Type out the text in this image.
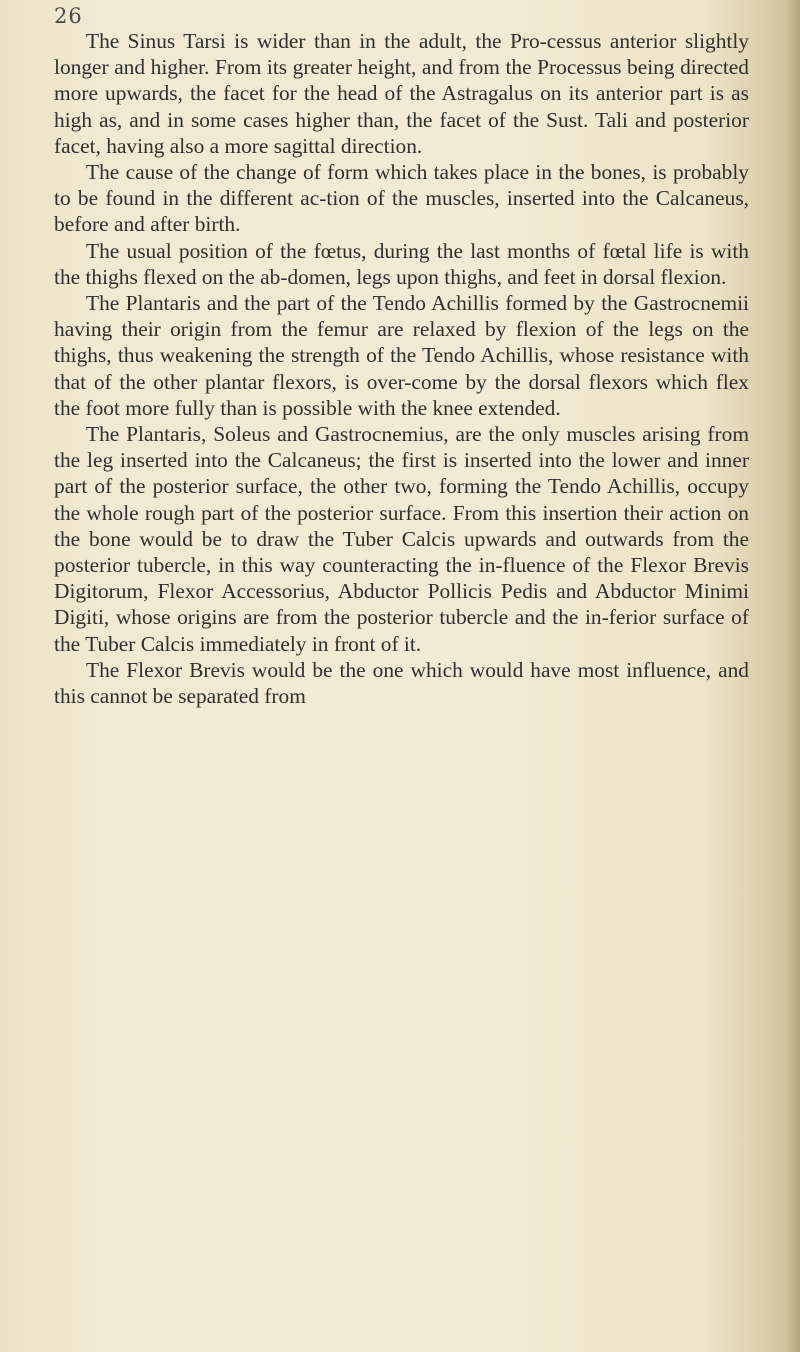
26

The Sinus Tarsi is wider than in the adult, the Pro-cessus anterior slightly longer and higher. From its greater height, and from the Processus being directed more upwards, the facet for the head of the Astragalus on its anterior part is as high as, and in some cases higher than, the facet of the Sust. Tali and posterior facet, having also a more sagittal direction.

The cause of the change of form which takes place in the bones, is probably to be found in the different ac-tion of the muscles, inserted into the Calcaneus, before and after birth.

The usual position of the fœtus, during the last months of fœtal life is with the thighs flexed on the ab-domen, legs upon thighs, and feet in dorsal flexion.

The Plantaris and the part of the Tendo Achillis formed by the Gastrocnemii having their origin from the femur are relaxed by flexion of the legs on the thighs, thus weakening the strength of the Tendo Achillis, whose resistance with that of the other plantar flexors, is over-come by the dorsal flexors which flex the foot more fully than is possible with the knee extended.

The Plantaris, Soleus and Gastrocnemius, are the only muscles arising from the leg inserted into the Calcaneus; the first is inserted into the lower and inner part of the posterior surface, the other two, forming the Tendo Achillis, occupy the whole rough part of the posterior surface. From this insertion their action on the bone would be to draw the Tuber Calcis upwards and outwards from the posterior tubercle, in this way counteracting the in-fluence of the Flexor Brevis Digitorum, Flexor Accessorius, Abductor Pollicis Pedis and Abductor Minimi Digiti, whose origins are from the posterior tubercle and the in-ferior surface of the Tuber Calcis immediately in front of it.

The Flexor Brevis would be the one which would have most influence, and this cannot be separated from
